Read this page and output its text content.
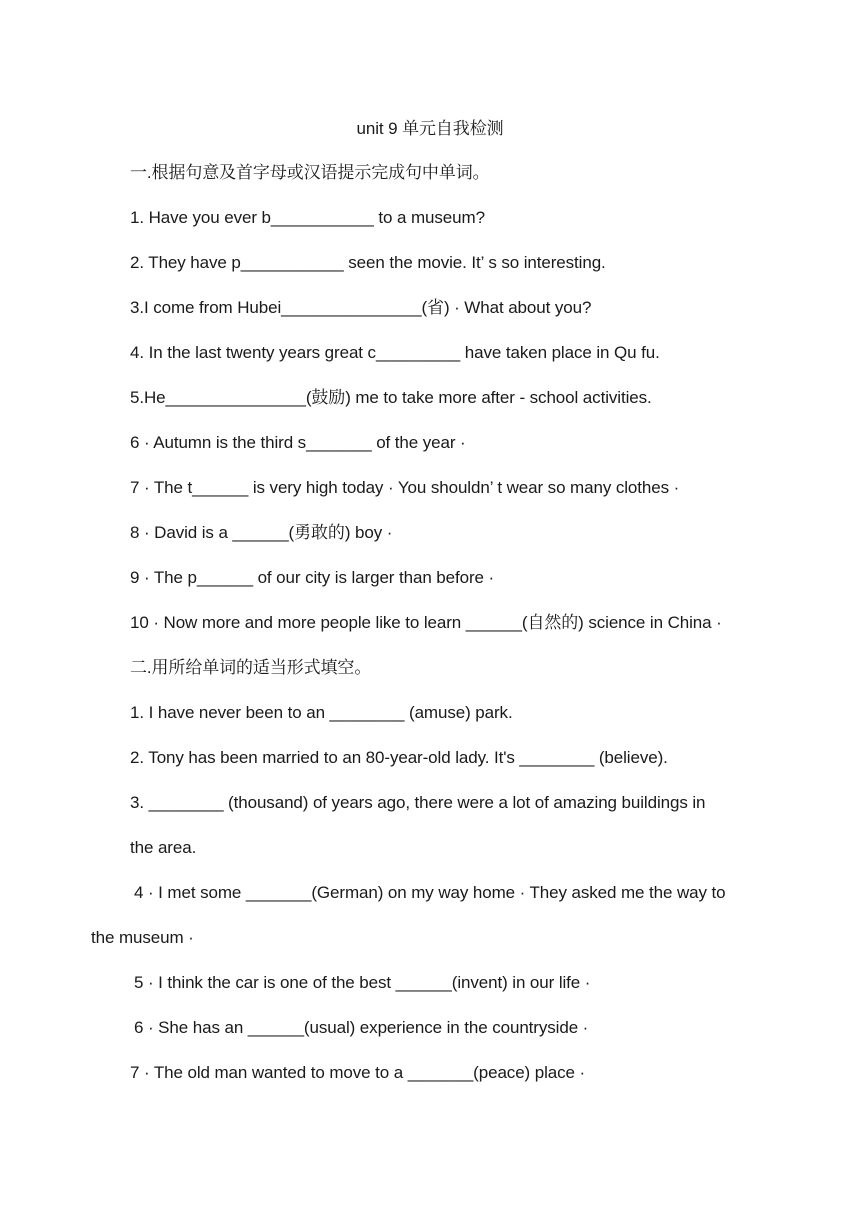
unit 9 单元自我检测
一.根据句意及首字母或汉语提示完成句中单词。
1. Have you ever b___________ to a museum?
2. They have p___________ seen the movie. It’ s so interesting.
3.I come from Hubei_______________(省) · What about you?
4. In the last twenty years great c_________ have taken place in Qu fu.
5.He_______________(鼓励) me to take more after - school activities.
6 · Autumn is the third s_______ of the year ·
7 · The t______ is very high today · You shouldn’ t wear so many clothes ·
8 · David is a ______(勇敢的) boy ·
9 · The p______ of our city is larger than before ·
10 · Now more and more people like to learn ______(自然的) science in China ·
二.用所给单词的适当形式填空。
1. I have never been to an ________ (amuse) park.
2. Tony has been married to an 80-year-old lady. It's ________ (believe).
3. ________ (thousand) of years ago, there were a lot of amazing buildings in
the area.
4 · I met some _______(German) on my way home · They asked me the way to
the museum ·
5 · I think the car is one of the best ______(invent) in our life ·
6 · She has an ______(usual) experience in the countryside ·
7 · The old man wanted to move to a _______(peace) place ·
